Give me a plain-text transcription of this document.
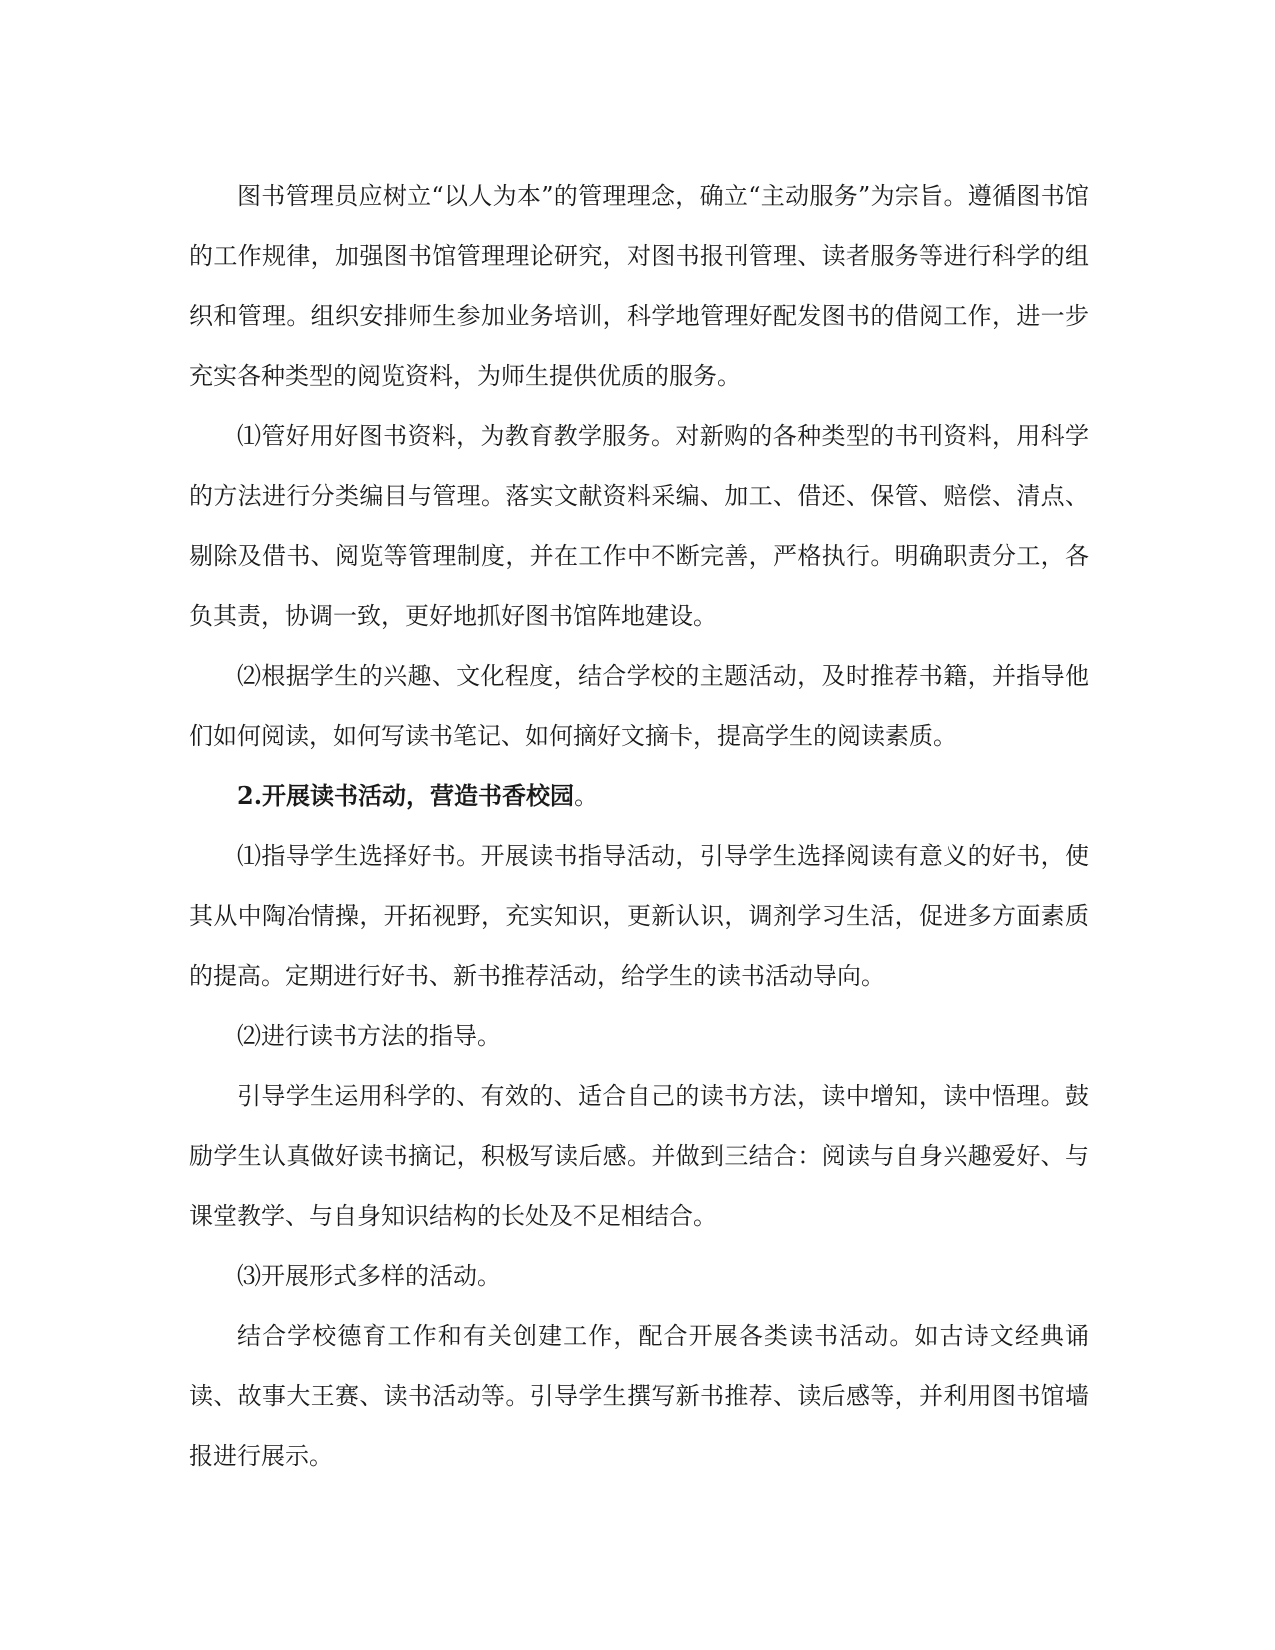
图书管理员应树立“以人为本”的管理理念，确立“主动服务”为宗旨。遵循图书馆的工作规律，加强图书馆管理理论研究，对图书报刊管理、读者服务等进行科学的组织和管理。组织安排师生参加业务培训，科学地管理好配发图书的借阅工作，进一步充实各种类型的阅览资料，为师生提供优质的服务。

⑴管好用好图书资料，为教育教学服务。对新购的各种类型的书刊资料，用科学的方法进行分类编目与管理。落实文献资料采编、加工、借还、保管、赔偿、清点、剔除及借书、阅览等管理制度，并在工作中不断完善，严格执行。明确职责分工，各负其责，协调一致，更好地抓好图书馆阵地建设。

⑵根据学生的兴趣、文化程度，结合学校的主题活动，及时推荐书籍，并指导他们如何阅读，如何写读书笔记、如何摘好文摘卡，提高学生的阅读素质。

2.开展读书活动，营造书香校园。

⑴指导学生选择好书。开展读书指导活动，引导学生选择阅读有意义的好书，使其从中陶冶情操，开拓视野，充实知识，更新认识，调剂学习生活，促进多方面素质的提高。定期进行好书、新书推荐活动，给学生的读书活动导向。

⑵进行读书方法的指导。

引导学生运用科学的、有效的、适合自己的读书方法，读中增知，读中悟理。鼓励学生认真做好读书摘记，积极写读后感。并做到三结合：阅读与自身兴趣爱好、与课堂教学、与自身知识结构的长处及不足相结合。

⑶开展形式多样的活动。

结合学校德育工作和有关创建工作，配合开展各类读书活动。如古诗文经典诵读、故事大王赛、读书活动等。引导学生撰写新书推荐、读后感等，并利用图书馆墙报进行展示。
